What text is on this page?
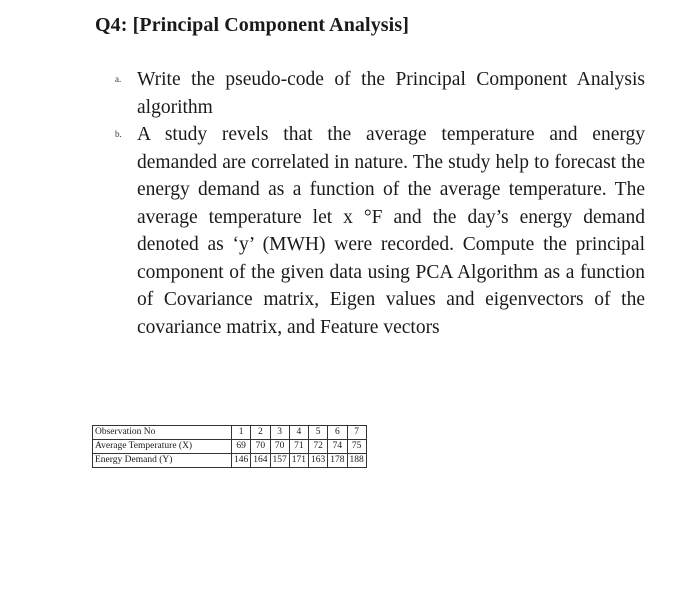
Q4: [Principal Component Analysis]
a. Write the pseudo-code of the Principal Component Analysis algorithm
b. A study revels that the average temperature and energy demanded are correlated in nature. The study help to forecast the energy demand as a function of the average temperature. The average temperature let x °F and the day’s energy demand denoted as ‘y’ (MWH) were recorded. Compute the principal component of the given data using PCA Algorithm as a function of Covariance matrix, Eigen values and eigenvectors of the covariance matrix, and Feature vectors
Observation No	1	2	3	4	5	6	7
Average Temperature (X)	69	70	70	71	72	74	75
Energy Demand (Y)	146	164	157	171	163	178	188
